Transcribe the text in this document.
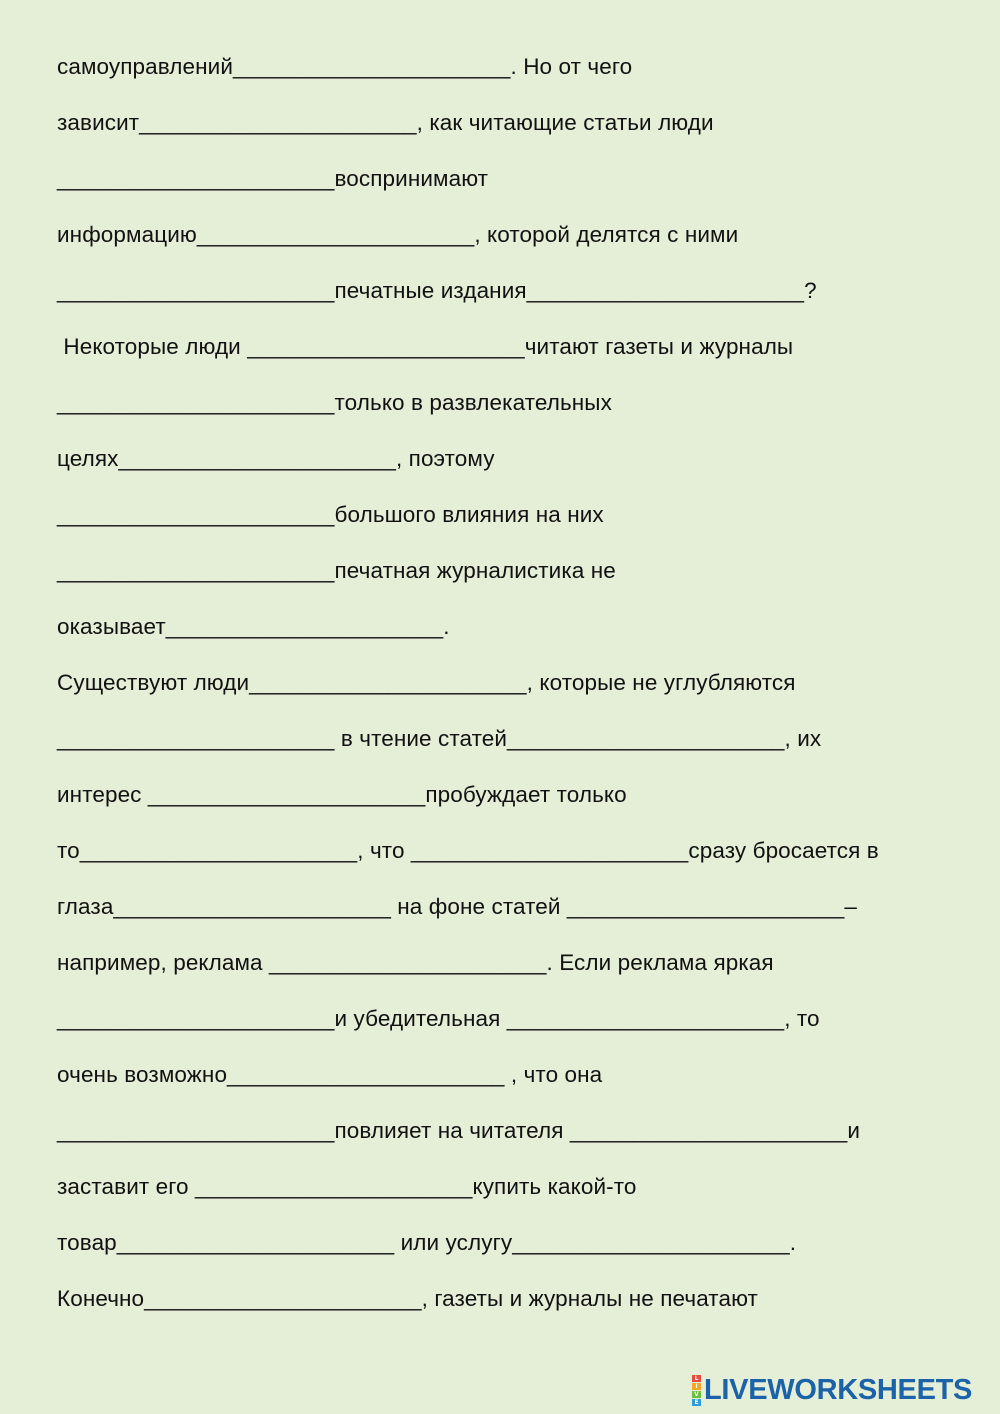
самоуправлений______________________. Но от чего
зависит______________________, как читающие статьи люди
______________________воспринимают
информацию______________________, которой делятся с ними
______________________печатные издания______________________?
Некоторые люди ______________________читают газеты и журналы
______________________только в развлекательных
целях______________________, поэтому
______________________большого влияния на них
______________________печатная журналистика не
оказывает______________________.
Существуют люди______________________, которые не углубляются
______________________ в чтение статей______________________, их
интерес ______________________пробуждает только
то______________________, что ______________________сразу бросается в
глаза______________________ на фоне статей ______________________–
например, реклама ______________________. Если реклама яркая
______________________и убедительная ______________________, то
очень возможно______________________ , что она
______________________повлияет на читателя ______________________и
заставит его ______________________купить какой-то
товар______________________ или услугу______________________.
Конечно______________________, газеты и журналы не печатают
L
I
V
E LIVEWORKSHEETS
